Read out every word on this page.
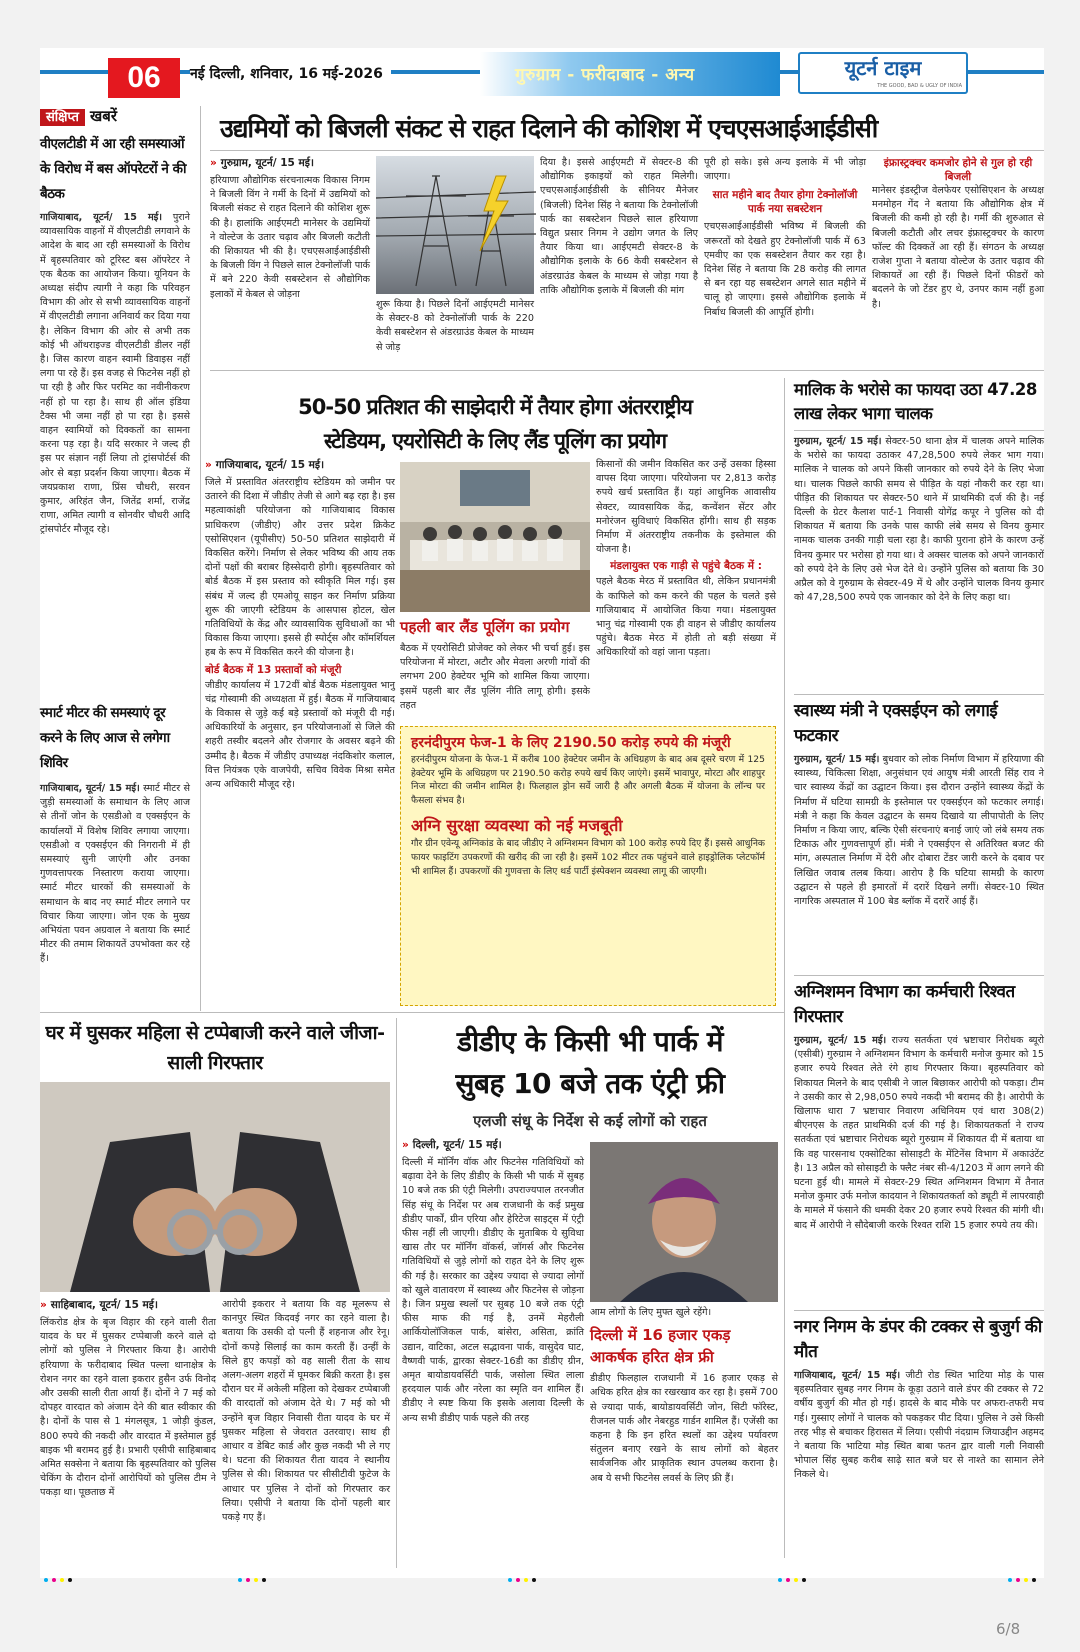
06	नई दिल्ली, शनिवार, 16 मई-2026	गुरुग्राम - फरीदाबाद - अन्य	यूटर्न टाइम
THE GOOD, BAD & UGLY OF INDIA
संक्षिप्त खबरें
वीएलटीडी में आ रही समस्याओं के विरोध में बस ऑपरेटरों ने की बैठक
गाजियाबाद, यूटर्न/ 15 मई। पुराने व्यावसायिक वाहनों में वीएलटीडी लगवाने के आदेश के बाद आ रही समस्याओं के विरोध में बृहस्पतिवार को टूरिस्ट बस ऑपरेटर ने एक बैठक का आयोजन किया। यूनियन के अध्यक्ष संदीप त्यागी ने कहा कि परिवहन विभाग की ओर से सभी व्यावसायिक वाहनों में वीएलटीडी लगाना अनिवार्य कर दिया गया है। लेकिन विभाग की ओर से अभी तक कोई भी ऑथराइज्ड वीएलटीडी डीलर नहीं है। जिस कारण वाहन स्वामी डिवाइस नहीं लगा पा रहे हैं। इस वजह से फिटनेस नहीं हो पा रही है और फिर परमिट का नवीनीकरण नहीं हो पा रहा है। साथ ही ऑल इंडिया टैक्स भी जमा नहीं हो पा रहा है। इससे वाहन स्वामियों को दिक्कतों का सामना करना पड़ रहा है। यदि सरकार ने जल्द ही इस पर संज्ञान नहीं लिया तो ट्रांसपोर्टर्स की ओर से बड़ा प्रदर्शन किया जाएगा। बैठक में जयप्रकाश राणा, प्रिंस चौधरी, सरवन कुमार, अरिहंत जैन, जितेंद्र शर्मा, राजेंद्र राणा, अमित त्यागी व सोनवीर चौधरी आदि ट्रांसपोर्टर मौजूद रहे।
स्मार्ट मीटर की समस्याएं दूर करने के लिए आज से लगेगा शिविर
गाजियाबाद, यूटर्न/ 15 मई। स्मार्ट मीटर से जुड़ी समस्याओं के समाधान के लिए आज से तीनों जोन के एसडीओ व एक्सईएन के कार्यालयों में विशेष शिविर लगाया जाएगा। एसडीओ व एक्सईएन की निगरानी में ही समस्याएं सुनी जाएंगी और उनका गुणवत्तापरक निस्तारण कराया जाएगा। स्मार्ट मीटर धारकों की समस्याओं के समाधान के बाद नए स्मार्ट मीटर लगाने पर विचार किया जाएगा। जोन एक के मुख्य अभियंता पवन अग्रवाल ने बताया कि स्मार्ट मीटर की तमाम शिकायतें उपभोक्ता कर रहे हैं।
उद्यमियों को बिजली संकट से राहत दिलाने की कोशिश में एचएसआईआईडीसी
» गुरुग्राम, यूटर्न/ 15 मई।
हरियाणा औद्योगिक संरचनात्मक विकास निगम ने बिजली विंग ने गर्मी के दिनों में उद्यमियों को बिजली संकट से राहत दिलाने की कोशिश शुरू की है। हालांकि आईएमटी मानेसर के उद्यमियों ने वोल्टेज के उतार चढ़ाव और बिजली कटौती की शिकायत भी की है। एचएसआईआईडीसी के बिजली विंग ने पिछले साल टेक्नोलॉजी पार्क में बने 220 केवी सबस्टेशन से औद्योगिक इलाकों में केबल से जोड़ना
शुरू किया है। पिछले दिनों आईएमटी मानेसर के सेक्टर-8 को टेक्नोलॉजी पार्क के 220 केवी सबस्टेशन से अंडरग्राउंड केबल के माध्यम से जोड़
दिया है। इससे आईएमटी में सेक्टर-8 की औद्योगिक इकाइयों को राहत मिलेगी। एचएसआईआईडीसी के सीनियर मैनेजर (बिजली) दिनेश सिंह ने बताया कि टेक्नोलॉजी पार्क का सबस्टेशन पिछले साल हरियाणा विद्युत प्रसार निगम ने उद्योग जगत के लिए तैयार किया था। आईएमटी सेक्टर-8 के औद्योगिक इलाके के 66 केवी सबस्टेशन से अंडरग्राउंड केबल के माध्यम से जोड़ा गया है ताकि औद्योगिक इलाके में बिजली की मांग
पूरी हो सके। इसे अन्य इलाके में भी जोड़ा जाएगा।
सात महीने बाद तैयार होगा टेक्नोलॉजी पार्क नया सबस्टेशन
एचएसआईआईडीसी भविष्य में बिजली की जरूरतों को देखते हुए टेक्नोलॉजी पार्क में 63 एमवीए का एक सबस्टेशन तैयार कर रहा है। दिनेश सिंह ने बताया कि 28 करोड़ की लागत से बन रहा यह सबस्टेशन अगले सात महीने में चालू हो जाएगा। इससे औद्योगिक इलाके में निर्बाध बिजली की आपूर्ति होगी।
इंफ्रास्ट्रक्चर कमजोर होने से गुल हो रही बिजली
मानेसर इंडस्ट्रीज वेलफेयर एसोसिएशन के अध्यक्ष मनमोहन गेंद ने बताया कि औद्योगिक क्षेत्र में बिजली की कमी हो रही है। गर्मी की शुरुआत से बिजली कटौती और लचर इंफ्रास्ट्रक्चर के कारण फॉल्ट की दिक्कतें आ रही हैं। संगठन के अध्यक्ष राजेश गुप्ता ने बताया वोल्टेज के उतार चढ़ाव की शिकायतें आ रही हैं। पिछले दिनों फीडरों को बदलने के जो टेंडर हुए थे, उनपर काम नहीं हुआ है।
50-50 प्रतिशत की साझेदारी में तैयार होगा अंतरराष्ट्रीय
स्टेडियम, एयरोसिटी के लिए लैंड पूलिंग का प्रयोग
» गाजियाबाद, यूटर्न/ 15 मई।
जिले में प्रस्तावित अंतरराष्ट्रीय स्टेडियम को जमीन पर उतारने की दिशा में जीडीए तेजी से आगे बढ़ रहा है। इस महत्वाकांक्षी परियोजना को गाजियाबाद विकास प्राधिकरण (जीडीए) और उत्तर प्रदेश क्रिकेट एसोसिएशन (यूपीसीए) 50-50 प्रतिशत साझेदारी में विकसित करेंगे। निर्माण से लेकर भविष्य की आय तक दोनों पक्षों की बराबर हिस्सेदारी होगी। बृहस्पतिवार को बोर्ड बैठक में इस प्रस्ताव को स्वीकृति मिल गई। इस संबंध में जल्द ही एमओयू साइन कर निर्माण प्रक्रिया शुरू की जाएगी स्टेडियम के आसपास होटल, खेल गतिविधियों के केंद्र और व्यावसायिक सुविधाओं का भी विकास किया जाएगा। इससे ही स्पोर्ट्स और कॉमर्शियल हब के रूप में विकसित करने की योजना है।
बोर्ड बैठक में 13 प्रस्तावों को मंजूरी
जीडीए कार्यालय में 172वीं बोर्ड बैठक मंडलायुक्त भानु चंद्र गोस्वामी की अध्यक्षता में हुई। बैठक में गाजियाबाद के विकास से जुड़े कई बड़े प्रस्तावों को मंजूरी दी गई। अधिकारियों के अनुसार, इन परियोजनाओं से जिले की शहरी तस्वीर बदलने और रोजगार के अवसर बढ़ने की उम्मीद है। बैठक में जीडीए उपाध्यक्ष नंदकिशोर कलाल, वित्त नियंत्रक एके वाजपेयी, सचिव विवेक मिश्रा समेत अन्य अधिकारी मौजूद रहे।
पहली बार लैंड पूलिंग का प्रयोग
बैठक में एयरोसिटी प्रोजेक्ट को लेकर भी चर्चा हुई। इस परियोजना में मोरटा, अटौर और मेवला अरणी गांवों की लगभग 200 हेक्टेयर भूमि को शामिल किया जाएगा। इसमें पहली बार लैंड पूलिंग नीति लागू होगी। इसके तहत
किसानों की जमीन विकसित कर उन्हें उसका हिस्सा वापस दिया जाएगा। परियोजना पर 2,813 करोड़ रुपये खर्च प्रस्तावित हैं। यहां आधुनिक आवासीय सेक्टर, व्यावसायिक केंद्र, कन्वेंशन सेंटर और मनोरंजन सुविधाएं विकसित होंगी। साथ ही सड़क निर्माण में अंतरराष्ट्रीय तकनीक के इस्तेमाल की योजना है।
मंडलायुक्त एक गाड़ी से पहुंचे बैठक में :
पहले बैठक मेरठ में प्रस्तावित थी, लेकिन प्रधानमंत्री के काफिले को कम करने की पहल के चलते इसे गाजियाबाद में आयोजित किया गया। मंडलायुक्त भानु चंद्र गोस्वामी एक ही वाहन से जीडीए कार्यालय पहुंचे। बैठक मेरठ में होती तो बड़ी संख्या में अधिकारियों को वहां जाना पड़ता।
हरनंदीपुरम फेज-1 के लिए 2190.50 करोड़ रुपये की मंजूरी
हरनंदीपुरम योजना के फेज-1 में करीब 100 हेक्टेयर जमीन के अधिग्रहण के बाद अब दूसरे चरण में 125 हेक्टेयर भूमि के अधिग्रहण पर 2190.50 करोड़ रुपये खर्च किए जाएंगे। इसमें भावापुर, मोरटा और शाहपुर निज मोरटा की जमीन शामिल है। फिलहाल ड्रोन सर्वे जारी है और अगली बैठक में योजना के लॉन्च पर फैसला संभव है।
अग्नि सुरक्षा व्यवस्था को नई मजबूती
गौर ग्रीन एवेन्यू अग्निकांड के बाद जीडीए ने अग्निशमन विभाग को 100 करोड़ रुपये दिए हैं। इससे आधुनिक फायर फाइटिंग उपकरणों की खरीद की जा रही है। इसमें 102 मीटर तक पहुंचने वाले हाइड्रोलिक प्लेटफॉर्म भी शामिल हैं। उपकरणों की गुणवत्ता के लिए थर्ड पार्टी इंस्पेक्शन व्यवस्था लागू की जाएगी।
मालिक के भरोसे का फायदा उठा 47.28 लाख लेकर भागा चालक
गुरुग्राम, यूटर्न/ 15 मई। सेक्टर-50 थाना क्षेत्र में चालक अपने मालिक के भरोसे का फायदा उठाकर 47,28,500 रुपये लेकर भाग गया। मालिक ने चालक को अपने किसी जानकार को रुपये देने के लिए भेजा था। चालक पिछले काफी समय से पीड़ित के यहां नौकरी कर रहा था। पीड़ित की शिकायत पर सेक्टर-50 थाने में प्राथमिकी दर्ज की है। नई दिल्ली के ग्रेटर कैलाश पार्ट-1 निवासी योगेंद्र कपूर ने पुलिस को दी शिकायत में बताया कि उनके पास काफी लंबे समय से विनय कुमार नामक चालक उनकी गाड़ी चला रहा है। काफी पुराना होने के कारण उन्हें विनय कुमार पर भरोसा हो गया था। वे अक्सर चालक को अपने जानकारों को रुपये देने के लिए उसे भेज देते थे। उन्होंने पुलिस को बताया कि 30 अप्रैल को वे गुरुग्राम के सेक्टर-49 में थे और उन्होंने चालक विनय कुमार को 47,28,500 रुपये एक जानकार को देने के लिए कहा था।
स्वास्थ्य मंत्री ने एक्सईएन को लगाई फटकार
गुरुग्राम, यूटर्न/ 15 मई। बुधवार को लोक निर्माण विभाग में हरियाणा की स्वास्थ्य, चिकित्सा शिक्षा, अनुसंधान एवं आयुष मंत्री आरती सिंह राव ने चार स्वास्थ्य केंद्रों का उद्घाटन किया। इस दौरान उन्होंने स्वास्थ्य केंद्रों के निर्माण में घटिया सामग्री के इस्तेमाल पर एक्सईएन को फटकार लगाई। मंत्री ने कहा कि केवल उद्घाटन के समय दिखावे या लीपापोती के लिए निर्माण न किया जाए, बल्कि ऐसी संरचनाएं बनाई जाएं जो लंबे समय तक टिकाऊ और गुणवत्तापूर्ण हों। मंत्री ने एक्सईएन से अतिरिक्त बजट की मांग, अस्पताल निर्माण में देरी और दोबारा टेंडर जारी करने के दबाव पर लिखित जवाब तलब किया। आरोप है कि घटिया सामग्री के कारण उद्घाटन से पहले ही इमारतों में दरारें दिखने लगीं। सेक्टर-10 स्थित नागरिक अस्पताल में 100 बेड ब्लॉक में दरारें आई हैं।
अग्निशमन विभाग का कर्मचारी रिश्वत गिरफ्तार
गुरुग्राम, यूटर्न/ 15 मई। राज्य सतर्कता एवं भ्रष्टाचार निरोधक ब्यूरो (एसीबी) गुरुग्राम ने अग्निशमन विभाग के कर्मचारी मनोज कुमार को 15 हजार रुपये रिश्वत लेते रंगे हाथ गिरफ्तार किया। बृहस्पतिवार को शिकायत मिलने के बाद एसीबी ने जाल बिछाकर आरोपी को पकड़ा। टीम ने उसकी कार से 2,98,050 रुपये नकदी भी बरामद की है। आरोपी के खिलाफ धारा 7 भ्रष्टाचार निवारण अधिनियम एवं धारा 308(2) बीएनएस के तहत प्राथमिकी दर्ज की गई है। शिकायतकर्ता ने राज्य सतर्कता एवं भ्रष्टाचार निरोधक ब्यूरो गुरुग्राम में शिकायत दी में बताया था कि वह पारसनाथ एक्सोटिका सोसाइटी के मेंटिनेंस विभाग में अकाउंटेंट है। 13 अप्रैल को सोसाइटी के फ्लैट नंबर सी-4/1203 में आग लगने की घटना हुई थी। मामले में सेक्टर-29 स्थित अग्निशमन विभाग में तैनात मनोज कुमार उर्फ मनोज कादयान ने शिकायतकर्ता को ड्यूटी में लापरवाही के मामले में फंसाने की धमकी देकर 20 हजार रुपये रिश्वत की मांगी थी। बाद में आरोपी ने सौदेबाजी करके रिश्वत राशि 15 हजार रुपये तय की।
नगर निगम के डंपर की टक्कर से बुजुर्ग की मौत
गाजियाबाद, यूटर्न/ 15 मई। जीटी रोड स्थित भाटिया मोड़ के पास बृहस्पतिवार सुबह नगर निगम के कूड़ा उठाने वाले डंपर की टक्कर से 72 वर्षीय बुजुर्ग की मौत हो गई। हादसे के बाद मौके पर अफरा-तफरी मच गई। गुस्साए लोगों ने चालक को पकड़कर पीट दिया। पुलिस ने उसे किसी तरह भीड़ से बचाकर हिरासत में लिया। एसीपी नंदग्राम जियाउद्दीन अहमद ने बताया कि भाटिया मोड़ स्थित बाबा फतन द्वार वाली गली निवासी भोपाल सिंह सुबह करीब साढ़े सात बजे घर से नाश्ते का सामान लेने निकले थे।
घर में घुसकर महिला से टप्पेबाजी करने वाले जीजा-साली गिरफ्तार
» साहिबाबाद, यूटर्न/ 15 मई।
लिंकरोड क्षेत्र के बृज विहार की रहने वाली रीता यादव के घर में घुसकर टप्पेबाजी करने वाले दो लोगों को पुलिस ने गिरफ्तार किया है। आरोपी हरियाणा के फरीदाबाद स्थित पल्ला थानाक्षेत्र के रोशन नगर का रहने वाला इकरार हुसैन उर्फ विनोद और उसकी साली रीता आर्या हैं। दोनों ने 7 मई को दोपहर वारदात को अंजाम देने की बात स्वीकार की है। दोनों के पास से 1 मंगलसूत्र, 1 जोड़ी कुंडल, 800 रुपये की नकदी और वारदात में इस्तेमाल हुई बाइक भी बरामद हुई है। प्रभारी एसीपी साहिबाबाद अमित सक्सेना ने बताया कि बृहस्पतिवार को पुलिस चेकिंग के दौरान दोनों आरोपियों को पुलिस टीम ने पकड़ा था। पूछताछ में
आरोपी इकरार ने बताया कि वह मूलरूप से कानपुर स्थित किदवई नगर का रहने वाला है। बताया कि उसकी दो पत्नी हैं शहनाज और रेनू। दोनों कपड़े सिलाई का काम करती हैं। उन्हीं के सिले हुए कपड़ों को वह साली रीता के साथ अलग-अलग शहरों में घूमकर बिक्री करता है। इस दौरान घर में अकेली महिला को देखकर टप्पेबाजी की वारदातों को अंजाम देते थे। 7 मई को भी उन्होंने बृज विहार निवासी रीता यादव के घर में घुसकर महिला से जेवरात उतरवाए। साथ ही आधार व डेबिट कार्ड और कुछ नकदी भी ले गए थे। घटना की शिकायत रीता यादव ने स्थानीय पुलिस से की। शिकायत पर सीसीटीवी फुटेज के आधार पर पुलिस ने दोनों को गिरफ्तार कर लिया। एसीपी ने बताया कि दोनों पहली बार पकड़े गए हैं।
डीडीए के किसी भी पार्क में
सुबह 10 बजे तक एंट्री फ्री
एलजी संधू के निर्देश से कई लोगों को राहत
» दिल्ली, यूटर्न/ 15 मई।
दिल्ली में मॉर्निंग वॉक और फिटनेस गतिविधियों को बढ़ावा देने के लिए डीडीए के किसी भी पार्क में सुबह 10 बजे तक फ्री एंट्री मिलेगी। उपराज्यपाल तरनजीत सिंह संधू के निर्देश पर अब राजधानी के कई प्रमुख डीडीए पार्कों, ग्रीन एरिया और हेरिटेज साइट्स में एंट्री फीस नहीं ली जाएगी। डीडीए के मुताबिक ये सुविधा खास तौर पर मॉर्निंग वॉकर्स, जॉगर्स और फिटनेस गतिविधियों से जुड़े लोगों को राहत देने के लिए शुरू की गई है। सरकार का उद्देश्य ज्यादा से ज्यादा लोगों को खुले वातावरण में स्वास्थ्य और फिटनेस से जोड़ना है। जिन प्रमुख स्थलों पर सुबह 10 बजे तक एंट्री फीस माफ की गई है, उनमें मेहरौली आर्कियोलॉजिकल पार्क, बांसेरा, असिता, क्रांति उद्यान, वाटिका, अटल सद्भावना पार्क, वासुदेव घाट, वैष्णवी पार्क, द्वारका सेक्टर-16डी का डीडीए ग्रीन, अमृत बायोडायवर्सिटी पार्क, जसोला स्थित लाला हरदयाल पार्क और नरेला का स्मृति वन शामिल हैं। डीडीए ने स्पष्ट किया कि इसके अलावा दिल्ली के अन्य सभी डीडीए पार्क पहले की तरह
आम लोगों के लिए मुफ्त खुले रहेंगे।
दिल्ली में 16 हजार एकड़ आकर्षक हरित क्षेत्र फ्री
डीडीए फिलहाल राजधानी में 16 हजार एकड़ से अधिक हरित क्षेत्र का रखरखाव कर रहा है। इसमें 700 से ज्यादा पार्क, बायोडायवर्सिटी जोन, सिटी फॉरेस्ट, रीजनल पार्क और नेबरहुड गार्डन शामिल हैं। एजेंसी का कहना है कि इन हरित स्थलों का उद्देश्य पर्यावरण संतुलन बनाए रखने के साथ लोगों को बेहतर सार्वजनिक और प्राकृतिक स्थान उपलब्ध कराना है। अब ये सभी फिटनेस लवर्स के लिए फ्री हैं।
6/8
